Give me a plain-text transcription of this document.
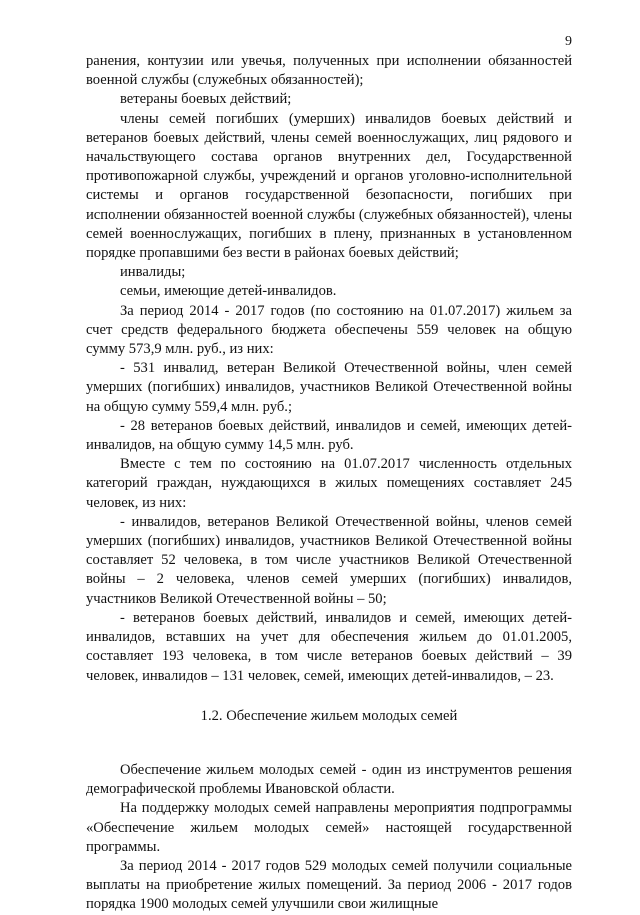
9

ранения, контузии или увечья, полученных при исполнении обязанностей военной службы (служебных обязанностей);

ветераны боевых действий;

члены семей погибших (умерших) инвалидов боевых действий и ветеранов боевых действий, члены семей военнослужащих, лиц рядового и начальствующего состава органов внутренних дел, Государственной противопожарной службы, учреждений и органов уголовно-исполнительной системы и органов государственной безопасности, погибших при исполнении обязанностей военной службы (служебных обязанностей), члены семей военнослужащих, погибших в плену, признанных в установленном порядке пропавшими без вести в районах боевых действий;

инвалиды;

семьи, имеющие детей-инвалидов.

За период 2014 - 2017 годов (по состоянию на 01.07.2017) жильем за счет средств федерального бюджета обеспечены 559 человек на общую сумму 573,9 млн. руб., из них:

- 531 инвалид, ветеран Великой Отечественной войны, член семей умерших (погибших) инвалидов, участников Великой Отечественной войны на общую сумму 559,4 млн. руб.;

- 28 ветеранов боевых действий, инвалидов и семей, имеющих детей-инвалидов, на общую сумму 14,5 млн. руб.

Вместе с тем по состоянию на 01.07.2017 численность отдельных категорий граждан, нуждающихся в жилых помещениях составляет 245 человек, из них:

- инвалидов, ветеранов Великой Отечественной войны, членов семей умерших (погибших) инвалидов, участников Великой Отечественной войны составляет 52 человека, в том числе участников Великой Отечественной войны – 2 человека, членов семей умерших (погибших) инвалидов, участников Великой Отечественной войны – 50;

- ветеранов боевых действий, инвалидов и семей, имеющих детей-инвалидов, вставших на учет для обеспечения жильем до 01.01.2005, составляет 193 человека, в том числе ветеранов боевых действий – 39 человек, инвалидов – 131 человек, семей, имеющих детей-инвалидов, – 23.

1.2. Обеспечение жильем молодых семей

Обеспечение жильем молодых семей - один из инструментов решения демографической проблемы Ивановской области.

На поддержку молодых семей направлены мероприятия подпрограммы «Обеспечение жильем молодых семей» настоящей государственной программы.

За период 2014 - 2017 годов 529 молодых семей получили социальные выплаты на приобретение жилых помещений. За период 2006 - 2017 годов порядка 1900 молодых семей улучшили свои жилищные
